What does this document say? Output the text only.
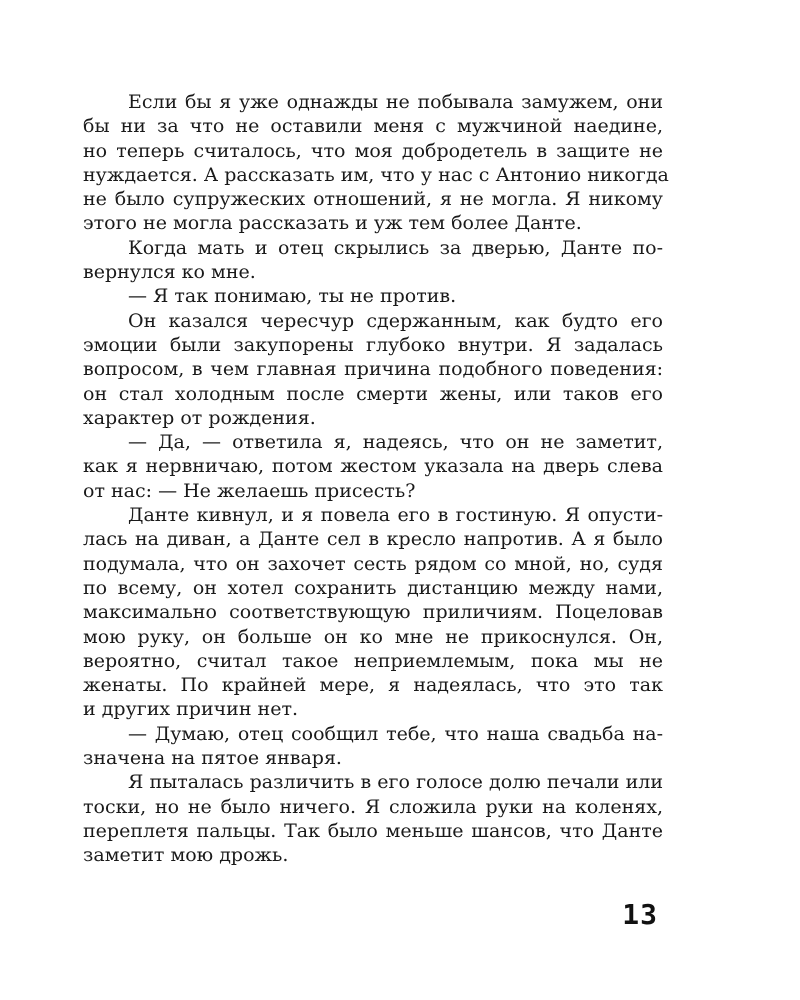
Если бы я уже однажды не побывала замужем, они
бы ни за что не оставили меня с мужчиной наедине,
но теперь считалось, что моя добродетель в защите не
нуждается. А рассказать им, что у нас с Антонио никогда
не было супружеских отношений, я не могла. Я никому
этого не могла рассказать и уж тем более Данте.
Когда мать и отец скрылись за дверью, Данте по-
вернулся ко мне.
— Я так понимаю, ты не против.
Он казался чересчур сдержанным, как будто его
эмоции были закупорены глубоко внутри. Я задалась
вопросом, в чем главная причина подобного поведения:
он стал холодным после смерти жены, или таков его
характер от рождения.
— Да, — ответила я, надеясь, что он не заметит,
как я нервничаю, потом жестом указала на дверь слева
от нас: — Не желаешь присесть?
Данте кивнул, и я повела его в гостиную. Я опусти-
лась на диван, а Данте сел в кресло напротив. А я было
подумала, что он захочет сесть рядом со мной, но, судя
по всему, он хотел сохранить дистанцию между нами,
максимально соответствующую приличиям. Поцеловав
мою руку, он больше он ко мне не прикоснулся. Он,
вероятно, считал такое неприемлемым, пока мы не
женаты. По крайней мере, я надеялась, что это так
и других причин нет.
— Думаю, отец сообщил тебе, что наша свадьба на-
значена на пятое января.
Я пыталась различить в его голосе долю печали или
тоски, но не было ничего. Я сложила руки на коленях,
переплетя пальцы. Так было меньше шансов, что Данте
заметит мою дрожь.
13
